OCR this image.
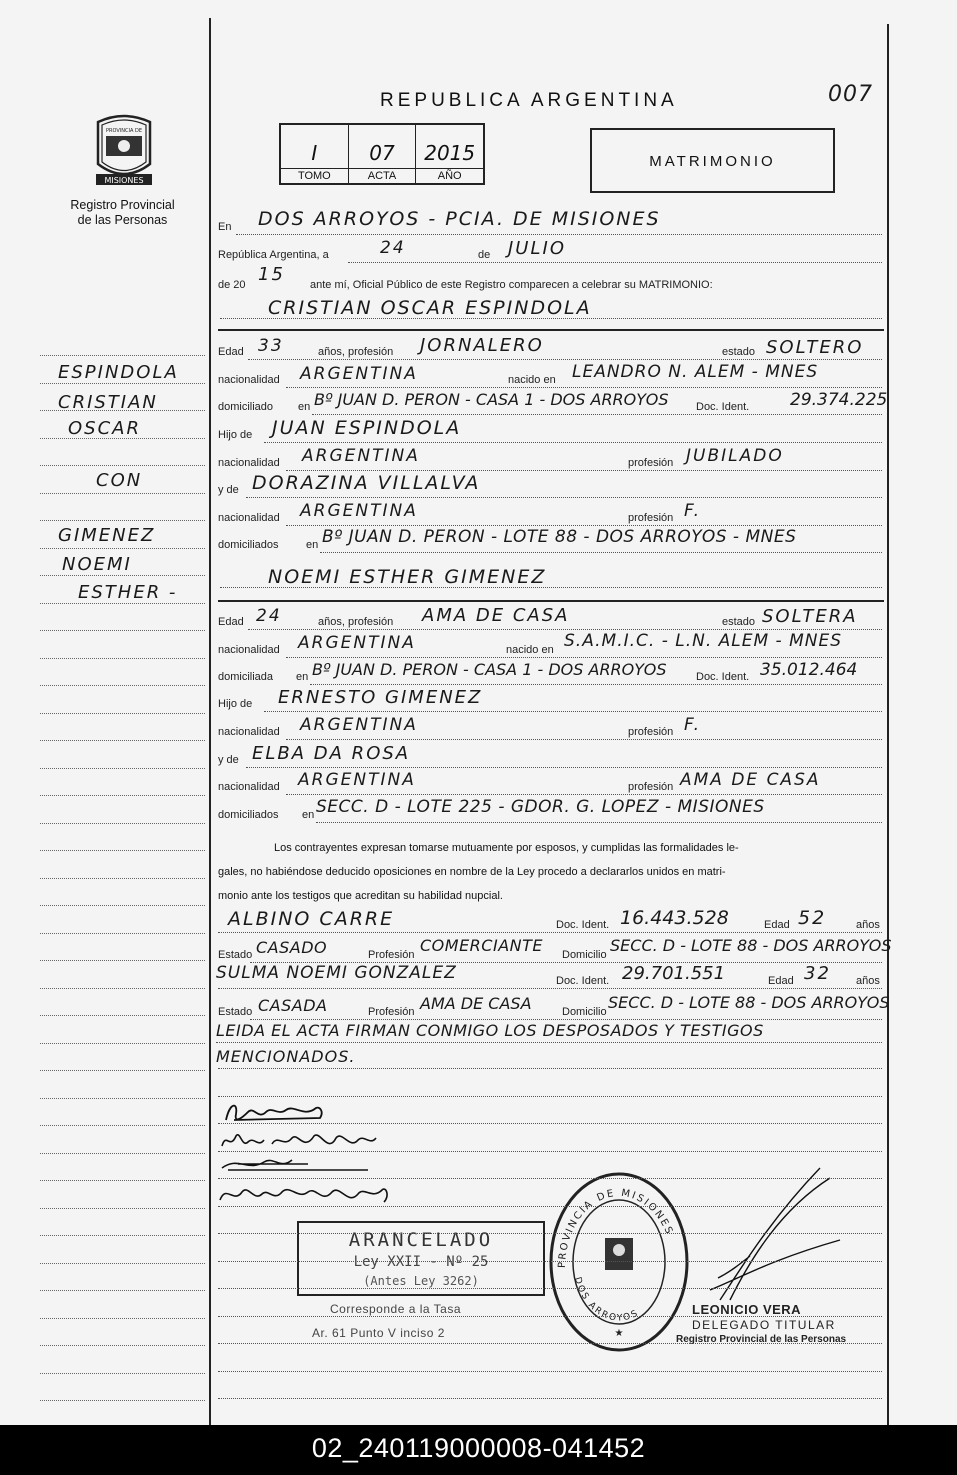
007
REPUBLICA ARGENTINA
MISIONES
PROVINCIA DE
Registro Provincial
de las Personas
I
TOMO
07
ACTA
2015
AÑO
MATRIMONIO
ESPINDOLA
CRISTIAN
OSCAR
CON
GIMENEZ
NOEMI
ESTHER -
En DOS ARROYOS - PCIA. DE MISIONES
República Argentina, a	24	de JULIO
de 20 15 ante mí, Oficial Público de este Registro comparecen a celebrar su MATRIMONIO:
CRISTIAN OSCAR ESPINDOLA
Edad 33	años, profesión JORNALERO	estado SOLTERO
nacionalidad ARGENTINA	nacido en LEANDRO N. ALEM - MNES
domiciliado en Bº JUAN D. PERON - CASA 1 - DOS ARROYOS Doc. Ident. 29.374.225
Hijo de JUAN ESPINDOLA
nacionalidad ARGENTINA	profesión JUBILADO
y de DORAZINA VILLALVA
nacionalidad ARGENTINA	profesión F.
domiciliados en Bº JUAN D. PERON - LOTE 88 - DOS ARROYOS - MNES
NOEMI ESTHER GIMENEZ
Edad 24	años, profesión AMA DE CASA	estado SOLTERA
nacionalidad ARGENTINA	nacido en S.A.M.I.C. - L.N. ALEM - MNES
domiciliada en Bº JUAN D. PERON - CASA 1 - DOS ARROYOS	Doc. Ident. 35.012.464
Hijo de ERNESTO GIMENEZ
nacionalidad ARGENTINA	profesión F.
y de ELBA DA ROSA
nacionalidad ARGENTINA	profesión AMA DE CASA
domiciliados en SECC. D - LOTE 225 - GDOR. G. LOPEZ - MISIONES

Los contrayentes expresan tomarse mutuamente por esposos, y cumplidas las formalidades le-

gales, no habiéndose deducido oposiciones en nombre de la Ley procedo a declararlos unidos en matri-

monio ante los testigos que acreditan su habilidad nupcial.

ALBINO CARRE	Doc. Ident. 16.443.528	Edad 52	años
Estado CASADO	Profesión COMERCIANTE Domicilio SECC. D - LOTE 88 - DOS ARROYOS
SULMA NOEMI GONZALEZ	Doc. Ident. 29.701.551	Edad 32 años
Estado CASADA	Profesión AMA DE CASA	Domicilio SECC. D - LOTE 88 - DOS ARROYOS
LEIDA EL ACTA FIRMAN CONMIGO LOS DESPOSADOS Y TESTIGOS
MENCIONADOS.
ARANCELADO
Ley XXII - Nº 25
(Antes Ley 3262)
Corresponde a la Tasa
Ar. 61 Punto V inciso 2
PROVINCIA DE MISIONES
DOS ARROYOS
★
LEONICIO VERA
DELEGADO TITULAR
Registro Provincial de las Personas
02_240119000008-041452
